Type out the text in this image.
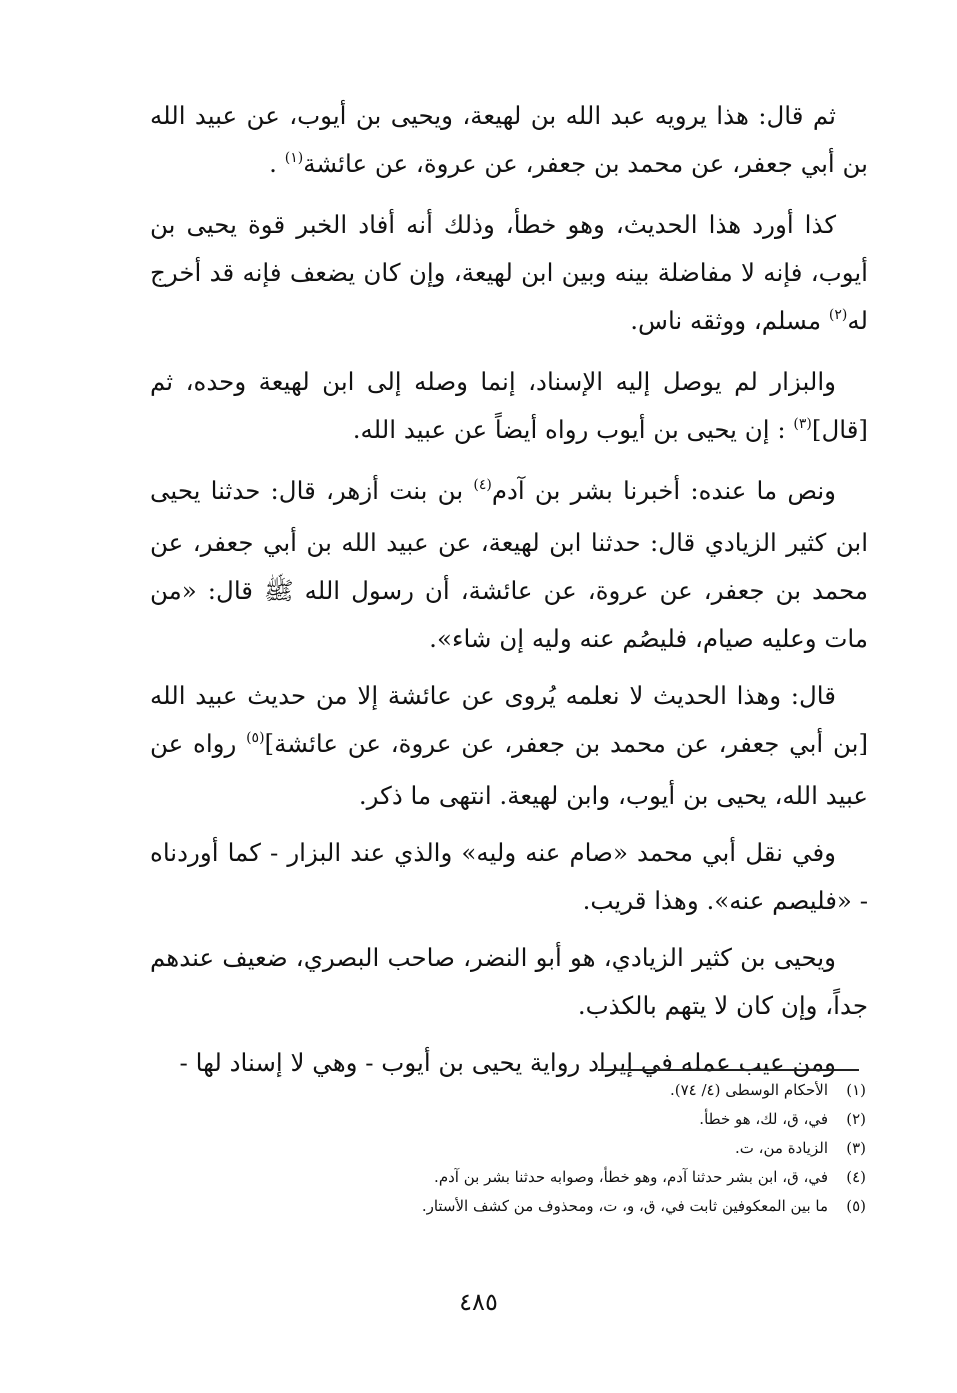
ثم قال: هذا يرويه عبد الله بن لهيعة، ويحيى بن أيوب، عن عبيد الله بن أبي جعفر، عن محمد بن جعفر، عن عروة، عن عائشة$^{(١)}$ .

كذا أورد هذا الحديث، وهو خطأ، وذلك أنه أفاد الخبر قوة يحيى بن أيوب، فإنه لا مفاضلة بينه وبين ابن لهيعة، وإن كان يضعف فإنه قد أخرج له$^{(٢)}$ مسلم، ووثقه ناس.

والبزار لم يوصل إليه الإسناد، إنما وصله إلى ابن لهيعة وحده، ثم [قال]$^{(٣)}$ : إن يحيى بن أيوب رواه أيضاً عن عبيد الله.

ونص ما عنده: أخبرنا بشر بن آدم$^{(٤)}$ بن بنت أزهر، قال: حدثنا يحيى ابن كثير الزيادي قال: حدثنا ابن لهيعة، عن عبيد الله بن أبي جعفر، عن محمد بن جعفر، عن عروة، عن عائشة، أن رسول الله ﷺ قال: «من مات وعليه صيام، فليصُم عنه وليه إن شاء».

قال: وهذا الحديث لا نعلمه يُروى عن عائشة إلا من حديث عبيد الله [بن أبي جعفر، عن محمد بن جعفر، عن عروة، عن عائشة]$^{(٥)}$ رواه عن عبيد الله، يحيى بن أيوب، وابن لهيعة. انتهى ما ذكر.

وفي نقل أبي محمد «صام عنه وليه» والذي عند البزار - كما أوردناه - «فليصم عنه». وهذا قريب.

ويحيى بن كثير الزيادي، هو أبو النضر، صاحب البصري، ضعيف عندهم جداً، وإن كان لا يتهم بالكذب.

ومن عيب عمله في إيراد رواية يحيى بن أيوب - وهي لا إسناد لها -

(١)
الأحكام الوسطى (٤/ ٧٤).
(٢)
في، ق، لك، هو خطأ.
(٣)
الزيادة من، ت.
(٤)
في، ق، ابن بشر حدثنا آدم، وهو خطأ، وصوابه حدثنا بشر بن آدم.
(٥)
ما بين المعكوفين ثابت في، ق، و، ت، ومحذوف من كشف الأستار.
٤٨٥
